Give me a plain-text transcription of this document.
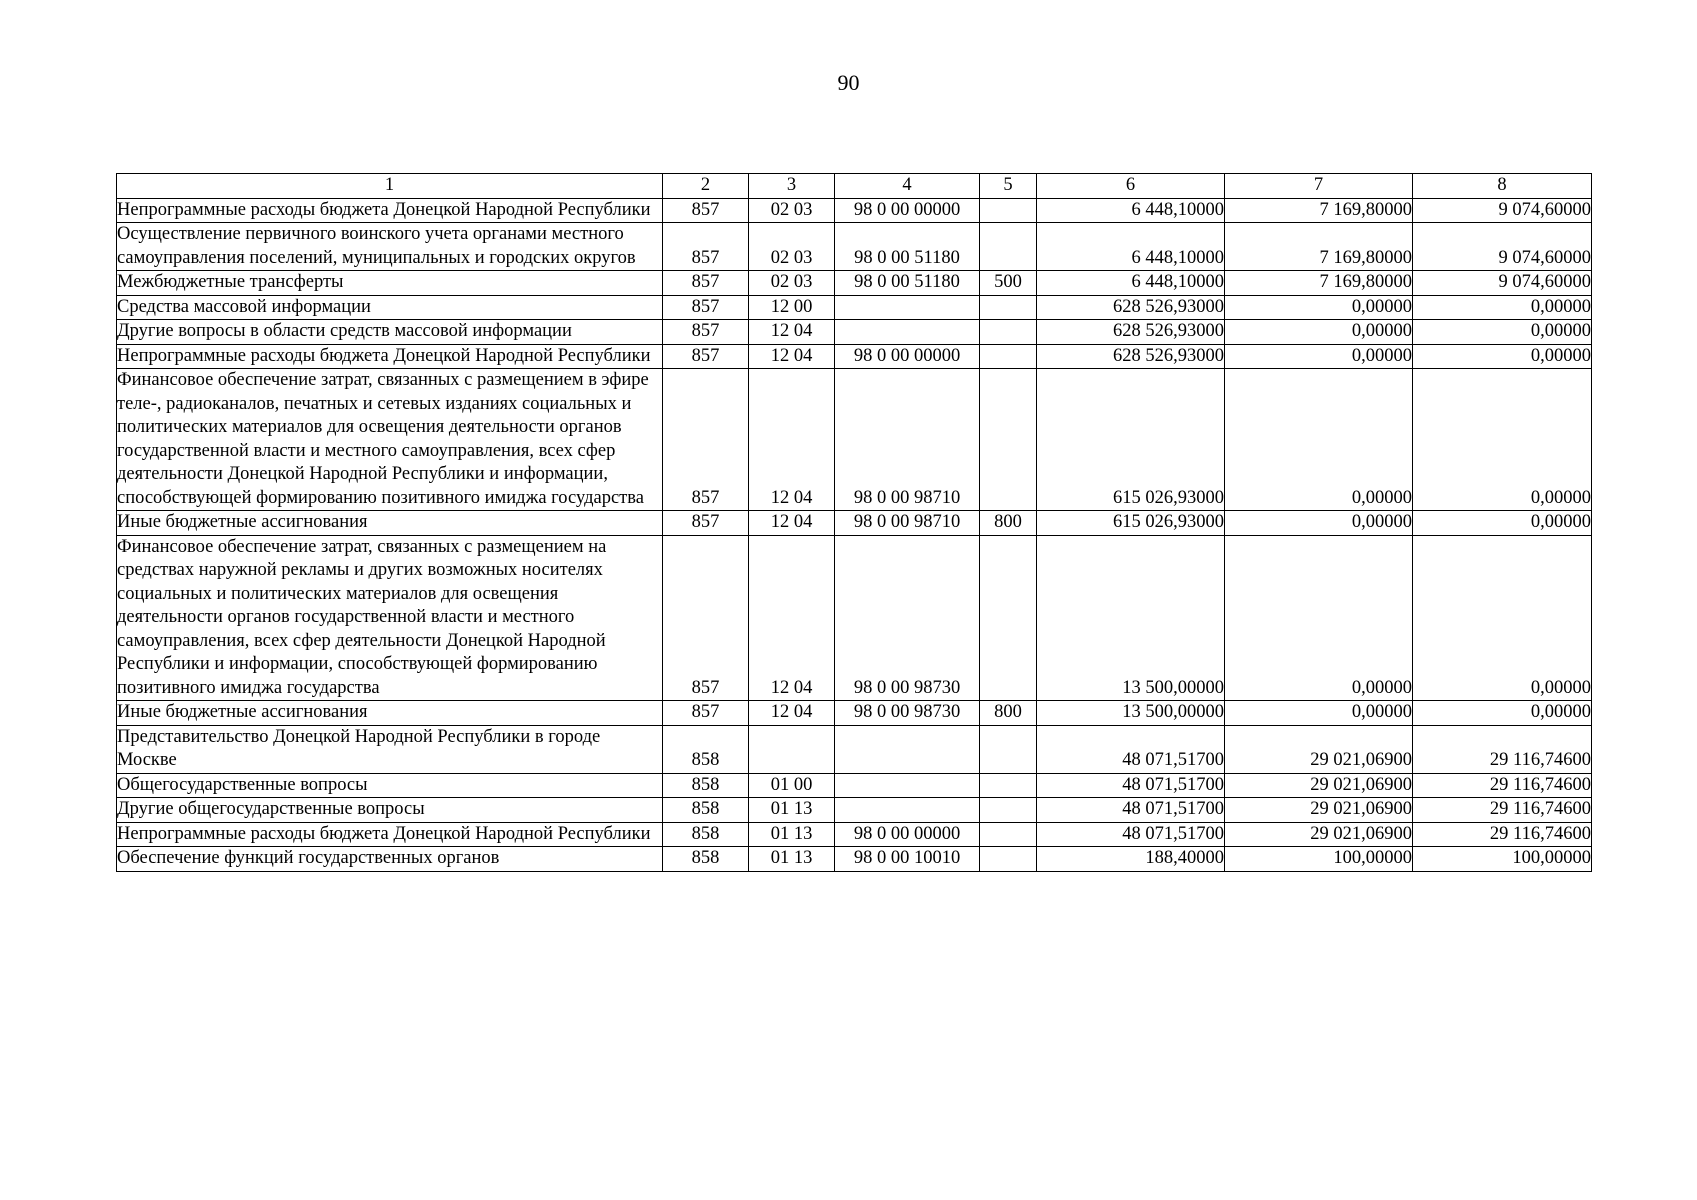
90
1	2	3	4	5	6	7	8
Непрограммные расходы бюджета Донецкой Народной Республики	857	02 03	98 0 00 00000		6 448,10000	7 169,80000	9 074,60000
Осуществление первичного воинского учета органами местного самоуправления поселений, муниципальных и городских округов	857	02 03	98 0 00 51180		6 448,10000	7 169,80000	9 074,60000
Межбюджетные трансферты	857	02 03	98 0 00 51180	500	6 448,10000	7 169,80000	9 074,60000
Средства массовой информации	857	12 00			628 526,93000	0,00000	0,00000
Другие вопросы в области средств массовой информации	857	12 04			628 526,93000	0,00000	0,00000
Непрограммные расходы бюджета Донецкой Народной Республики	857	12 04	98 0 00 00000		628 526,93000	0,00000	0,00000
Финансовое обеспечение затрат, связанных с размещением в эфире теле-, радиоканалов, печатных и сетевых изданиях социальных и политических материалов для освещения деятельности органов государственной власти и местного самоуправления, всех сфер деятельности Донецкой Народной Республики и информации, способствующей формированию позитивного имиджа государства	857	12 04	98 0 00 98710		615 026,93000	0,00000	0,00000
Иные бюджетные ассигнования	857	12 04	98 0 00 98710	800	615 026,93000	0,00000	0,00000
Финансовое обеспечение затрат, связанных с размещением на средствах наружной рекламы и других возможных носителях социальных и политических материалов для освещения деятельности органов государственной власти и местного самоуправления, всех сфер деятельности Донецкой Народной Республики и информации, способствующей формированию позитивного имиджа государства	857	12 04	98 0 00 98730		13 500,00000	0,00000	0,00000
Иные бюджетные ассигнования	857	12 04	98 0 00 98730	800	13 500,00000	0,00000	0,00000
Представительство Донецкой Народной Республики в городе Москве	858				48 071,51700	29 021,06900	29 116,74600
Общегосударственные вопросы	858	01 00			48 071,51700	29 021,06900	29 116,74600
Другие общегосударственные вопросы	858	01 13			48 071,51700	29 021,06900	29 116,74600
Непрограммные расходы бюджета Донецкой Народной Республики	858	01 13	98 0 00 00000		48 071,51700	29 021,06900	29 116,74600
Обеспечение функций государственных органов	858	01 13	98 0 00 10010		188,40000	100,00000	100,00000
